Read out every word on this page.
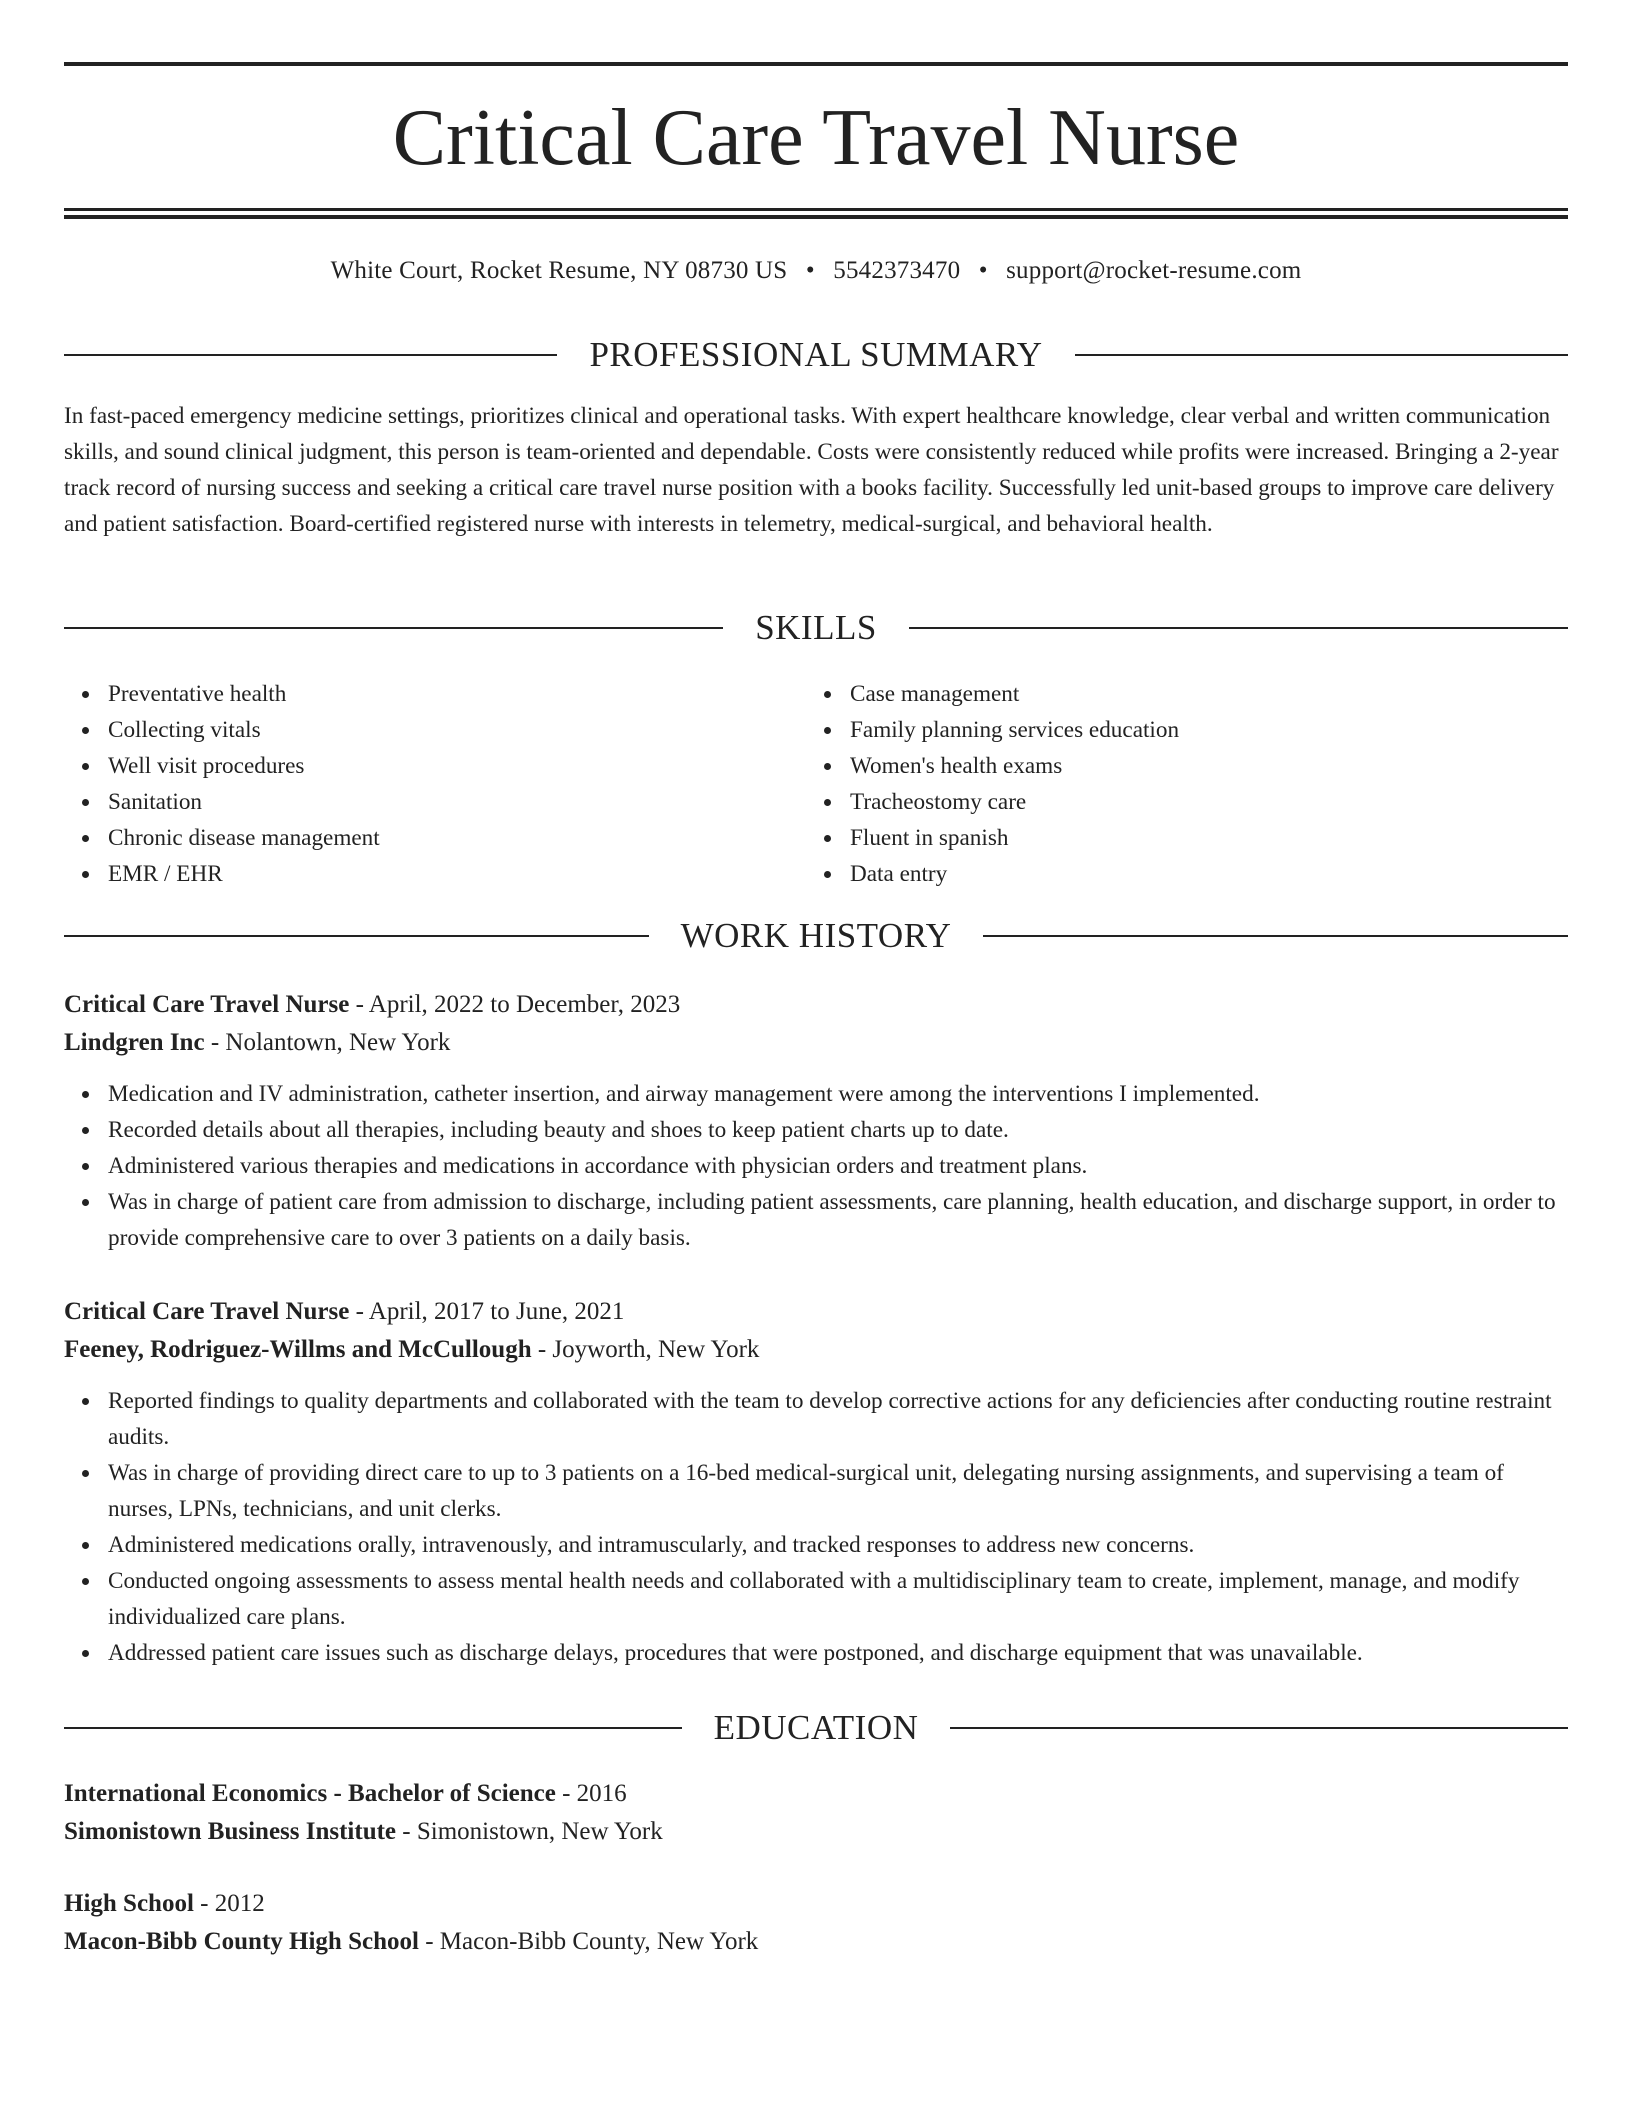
Critical Care Travel Nurse
White Court, Rocket Resume, NY 08730 US • 5542373470 • support@rocket-resume.com
PROFESSIONAL SUMMARY

In fast-paced emergency medicine settings, prioritizes clinical and operational tasks. With expert healthcare knowledge, clear verbal and written communication skills, and sound clinical judgment, this person is team-oriented and dependable. Costs were consistently reduced while profits were increased. Bringing a 2-year track record of nursing success and seeking a critical care travel nurse position with a books facility. Successfully led unit-based groups to improve care delivery and patient satisfaction. Board-certified registered nurse with interests in telemetry, medical-surgical, and behavioral health.

SKILLS
Preventative health
Collecting vitals
Well visit procedures
Sanitation
Chronic disease management
EMR / EHR
Case management
Family planning services education
Women's health exams
Tracheostomy care
Fluent in spanish
Data entry
WORK HISTORY
Critical Care Travel Nurse - April, 2022 to December, 2023
Lindgren Inc - Nolantown, New York
Medication and IV administration, catheter insertion, and airway management were among the interventions I implemented.
Recorded details about all therapies, including beauty and shoes to keep patient charts up to date.
Administered various therapies and medications in accordance with physician orders and treatment plans.
Was in charge of patient care from admission to discharge, including patient assessments, care planning, health education, and discharge support, in order to provide comprehensive care to over 3 patients on a daily basis.
Critical Care Travel Nurse - April, 2017 to June, 2021
Feeney, Rodriguez-Willms and McCullough - Joyworth, New York
Reported findings to quality departments and collaborated with the team to develop corrective actions for any deficiencies after conducting routine restraint audits.
Was in charge of providing direct care to up to 3 patients on a 16-bed medical-surgical unit, delegating nursing assignments, and supervising a team of nurses, LPNs, technicians, and unit clerks.
Administered medications orally, intravenously, and intramuscularly, and tracked responses to address new concerns.
Conducted ongoing assessments to assess mental health needs and collaborated with a multidisciplinary team to create, implement, manage, and modify individualized care plans.
Addressed patient care issues such as discharge delays, procedures that were postponed, and discharge equipment that was unavailable.
EDUCATION
International Economics - Bachelor of Science - 2016
Simonistown Business Institute - Simonistown, New York
High School - 2012
Macon-Bibb County High School - Macon-Bibb County, New York
